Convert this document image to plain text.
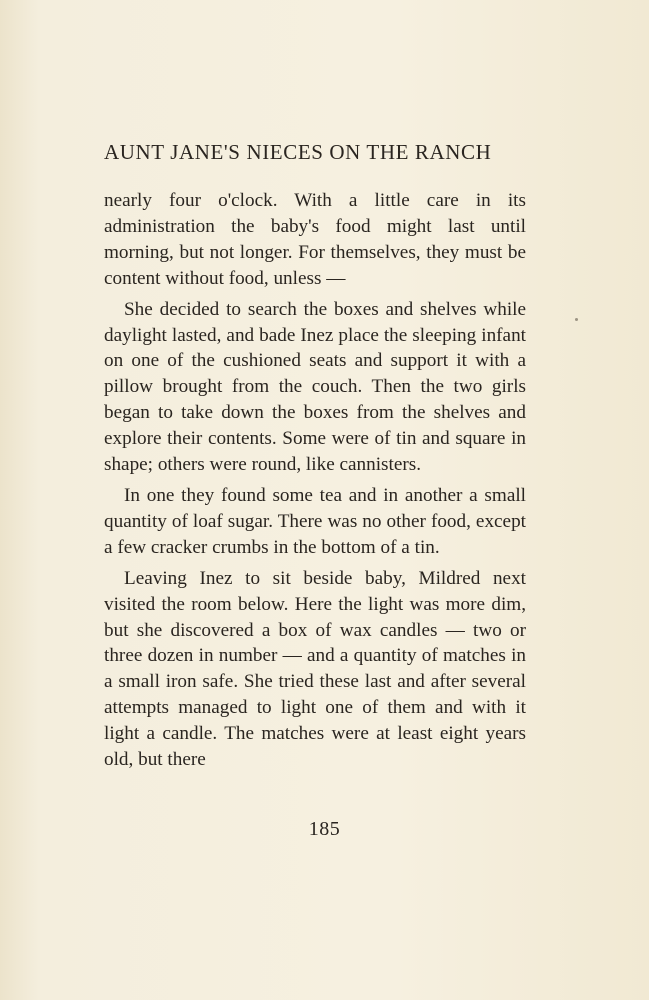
AUNT JANE'S NIECES ON THE RANCH

nearly four o'clock. With a little care in its administration the baby's food might last until morning, but not longer. For themselves, they must be content without food, unless —

She decided to search the boxes and shelves while daylight lasted, and bade Inez place the sleeping infant on one of the cushioned seats and support it with a pillow brought from the couch. Then the two girls began to take down the boxes from the shelves and explore their contents. Some were of tin and square in shape; others were round, like cannisters.

In one they found some tea and in another a small quantity of loaf sugar. There was no other food, except a few cracker crumbs in the bottom of a tin.

Leaving Inez to sit beside baby, Mildred next visited the room below. Here the light was more dim, but she discovered a box of wax candles — two or three dozen in number — and a quantity of matches in a small iron safe. She tried these last and after several attempts managed to light one of them and with it light a candle. The matches were at least eight years old, but there

185
